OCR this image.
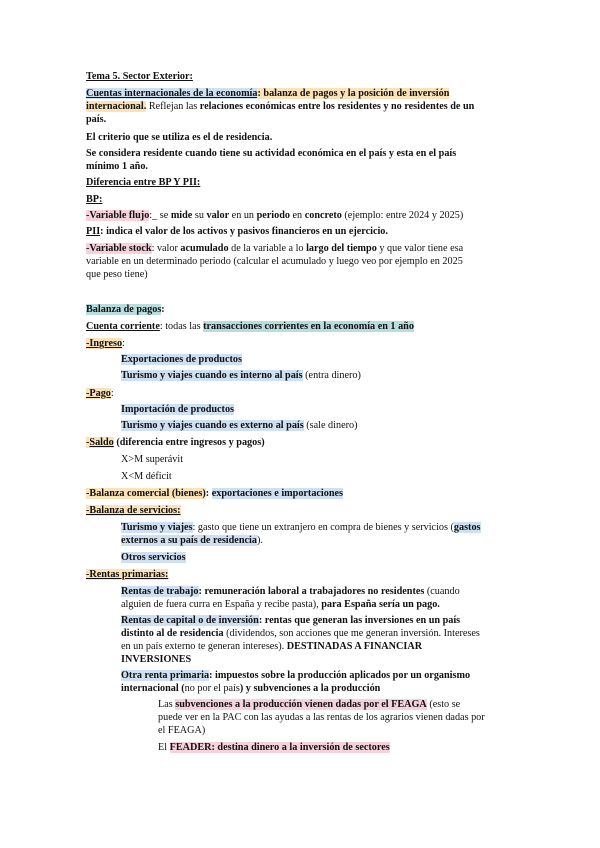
Tema 5. Sector Exterior:
Cuentas internacionales de la economía: balanza de pagos y la posición de inversión
internacional. Reflejan las relaciones económicas entre los residentes y no residentes de un
país.
El criterio que se utiliza es el de residencia.
Se considera residente cuando tiene su actividad económica en el país y esta en el país
mínimo 1 año.
Diferencia entre BP Y PII:
BP:
-Variable flujo:_ se mide su valor en un periodo en concreto (ejemplo: entre 2024 y 2025)
PII: indica el valor de los activos y pasivos financieros en un ejercicio.
-Variable stock: valor acumulado de la variable a lo largo del tiempo y que valor tiene esa
variable en un determinado periodo (calcular el acumulado y luego veo por ejemplo en 2025
que peso tiene)
Balanza de pagos:
Cuenta corriente: todas las transacciones corrientes en la economía en 1 año
-Ingreso:
Exportaciones de productos
Turismo y viajes cuando es interno al país (entra dinero)
-Pago:
Importación de productos
Turismo y viajes cuando es externo al país (sale dinero)
-Saldo (diferencia entre ingresos y pagos)
X>M superávit
X<M déficit
-Balanza comercial (bienes): exportaciones e importaciones
-Balanza de servicios:
Turismo y viajes: gasto que tiene un extranjero en compra de bienes y servicios (gastos
externos a su país de residencia).
Otros servicios
-Rentas primarias:
Rentas de trabajo: remuneración laboral a trabajadores no residentes (cuando
alguien de fuera curra en España y recibe pasta), para España sería un pago.
Rentas de capital o de inversión: rentas que generan las inversiones en un país
distinto al de residencia (dividendos, son acciones que me generan inversión. Intereses
en un país externo te generan intereses). DESTINADAS A FINANCIAR
INVERSIONES
Otra renta primaria: impuestos sobre la producción aplicados por un organismo
internacional (no por el país) y subvenciones a la producción
Las subvenciones a la producción vienen dadas por el FEAGA (esto se
puede ver en la PAC con las ayudas a las rentas de los agrarios vienen dadas por
el FEAGA)
El FEADER: destina dinero a la inversión de sectores
